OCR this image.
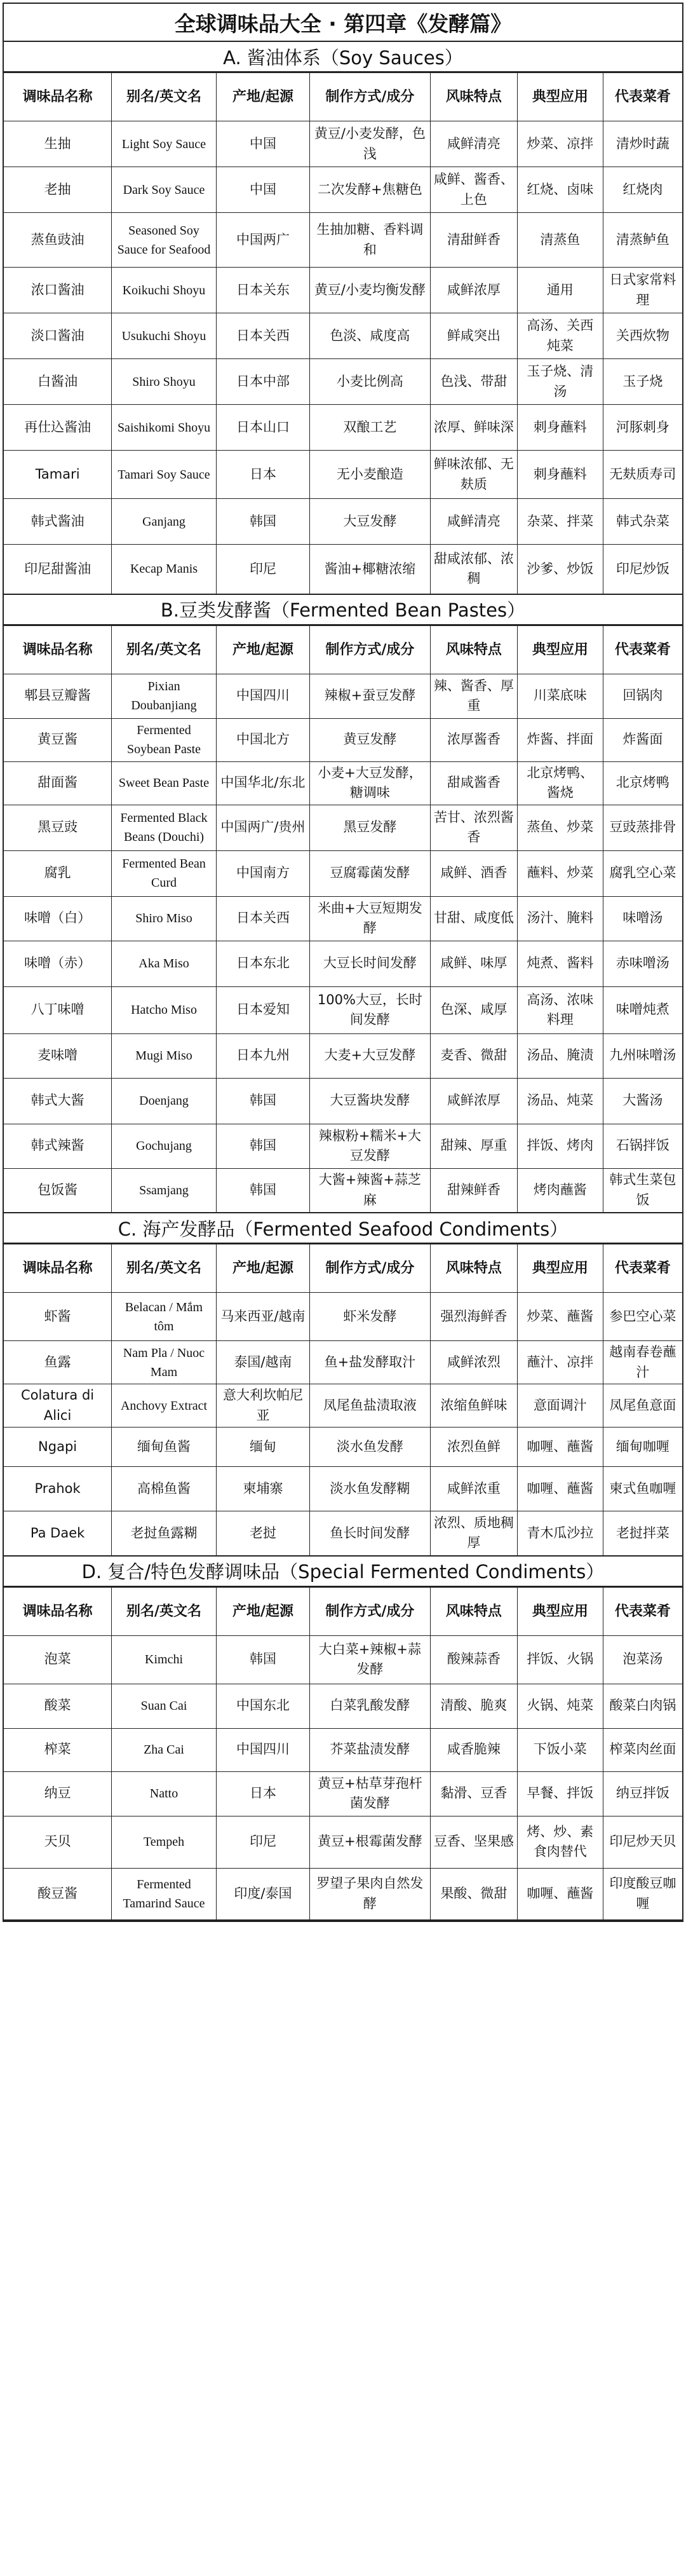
全球调味品大全 · 第四章《发酵篇》
A. 酱油体系（Soy Sauces）
调味品名称	别名/英文名	产地/起源	制作方式/成分	风味特点	典型应用	代表菜肴
生抽	Light Soy Sauce	中国	黄豆/小麦发酵，色浅	咸鲜清亮	炒菜、凉拌	清炒时蔬
老抽	Dark Soy Sauce	中国	二次发酵+焦糖色	咸鲜、酱香、上色	红烧、卤味	红烧肉
蒸鱼豉油	Seasoned Soy Sauce for Seafood	中国两广	生抽加糖、香料调和	清甜鲜香	清蒸鱼	清蒸鲈鱼
浓口酱油	Koikuchi Shoyu	日本关东	黄豆/小麦均衡发酵	咸鲜浓厚	通用	日式家常料理
淡口酱油	Usukuchi Shoyu	日本关西	色淡、咸度高	鲜咸突出	高汤、关西炖菜	关西炊物
白酱油	Shiro Shoyu	日本中部	小麦比例高	色浅、带甜	玉子烧、清汤	玉子烧
再仕込酱油	Saishikomi Shoyu	日本山口	双酿工艺	浓厚、鲜味深	刺身蘸料	河豚刺身
Tamari	Tamari Soy Sauce	日本	无小麦酿造	鲜味浓郁、无麸质	刺身蘸料	无麸质寿司
韩式酱油	Ganjang	韩国	大豆发酵	咸鲜清亮	杂菜、拌菜	韩式杂菜
印尼甜酱油	Kecap Manis	印尼	酱油+椰糖浓缩	甜咸浓郁、浓稠	沙爹、炒饭	印尼炒饭
B.豆类发酵酱（Fermented Bean Pastes）
调味品名称	别名/英文名	产地/起源	制作方式/成分	风味特点	典型应用	代表菜肴
郫县豆瓣酱	Pixian Doubanjiang	中国四川	辣椒+蚕豆发酵	辣、酱香、厚重	川菜底味	回锅肉
黄豆酱	Fermented Soybean Paste	中国北方	黄豆发酵	浓厚酱香	炸酱、拌面	炸酱面
甜面酱	Sweet Bean Paste	中国华北/东北	小麦+大豆发酵，糖调味	甜咸酱香	北京烤鸭、酱烧	北京烤鸭
黑豆豉	Fermented Black Beans (Douchi)	中国两广/贵州	黑豆发酵	苦甘、浓烈酱香	蒸鱼、炒菜	豆豉蒸排骨
腐乳	Fermented Bean Curd	中国南方	豆腐霉菌发酵	咸鲜、酒香	蘸料、炒菜	腐乳空心菜
味噌（白）	Shiro Miso	日本关西	米曲+大豆短期发酵	甘甜、咸度低	汤汁、腌料	味噌汤
味噌（赤）	Aka Miso	日本东北	大豆长时间发酵	咸鲜、味厚	炖煮、酱料	赤味噌汤
八丁味噌	Hatcho Miso	日本爱知	100%大豆，长时间发酵	色深、咸厚	高汤、浓味料理	味噌炖煮
麦味噌	Mugi Miso	日本九州	大麦+大豆发酵	麦香、微甜	汤品、腌渍	九州味噌汤
韩式大酱	Doenjang	韩国	大豆酱块发酵	咸鲜浓厚	汤品、炖菜	大酱汤
韩式辣酱	Gochujang	韩国	辣椒粉+糯米+大豆发酵	甜辣、厚重	拌饭、烤肉	石锅拌饭
包饭酱	Ssamjang	韩国	大酱+辣酱+蒜芝麻	甜辣鲜香	烤肉蘸酱	韩式生菜包饭
C. 海产发酵品（Fermented Seafood Condiments）
调味品名称	别名/英文名	产地/起源	制作方式/成分	风味特点	典型应用	代表菜肴
虾酱	Belacan / Mắm tôm	马来西亚/越南	虾米发酵	强烈海鲜香	炒菜、蘸酱	参巴空心菜
鱼露	Nam Pla / Nuoc Mam	泰国/越南	鱼+盐发酵取汁	咸鲜浓烈	蘸汁、凉拌	越南春卷蘸汁
Colatura di Alici	Anchovy Extract	意大利坎帕尼亚	凤尾鱼盐渍取液	浓缩鱼鲜味	意面调汁	凤尾鱼意面
Ngapi	缅甸鱼酱	缅甸	淡水鱼发酵	浓烈鱼鲜	咖喱、蘸酱	缅甸咖喱
Prahok	高棉鱼酱	柬埔寨	淡水鱼发酵糊	咸鲜浓重	咖喱、蘸酱	柬式鱼咖喱
Pa Daek	老挝鱼露糊	老挝	鱼长时间发酵	浓烈、质地稠厚	青木瓜沙拉	老挝拌菜
D. 复合/特色发酵调味品（Special Fermented Condiments）
调味品名称	别名/英文名	产地/起源	制作方式/成分	风味特点	典型应用	代表菜肴
泡菜	Kimchi	韩国	大白菜+辣椒+蒜发酵	酸辣蒜香	拌饭、火锅	泡菜汤
酸菜	Suan Cai	中国东北	白菜乳酸发酵	清酸、脆爽	火锅、炖菜	酸菜白肉锅
榨菜	Zha Cai	中国四川	芥菜盐渍发酵	咸香脆辣	下饭小菜	榨菜肉丝面
纳豆	Natto	日本	黄豆+枯草芽孢杆菌发酵	黏滑、豆香	早餐、拌饭	纳豆拌饭
天贝	Tempeh	印尼	黄豆+根霉菌发酵	豆香、坚果感	烤、炒、素食肉替代	印尼炒天贝
酸豆酱	Fermented Tamarind Sauce	印度/泰国	罗望子果肉自然发酵	果酸、微甜	咖喱、蘸酱	印度酸豆咖喱
